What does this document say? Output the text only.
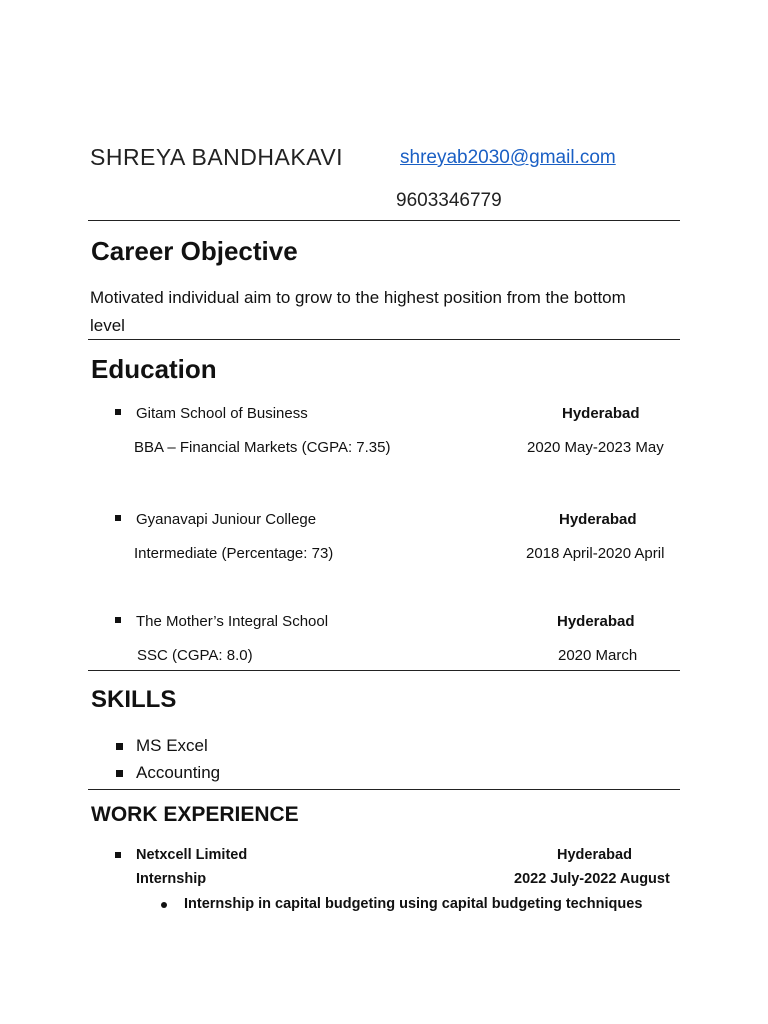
SHREYA BANDHAKAVI	shreyab2030@gmail.com
9603346779
Career Objective
Motivated individual aim to grow to the highest position from the bottom level
Education
Gitam School of Business	Hyderabad
BBA – Financial Markets (CGPA: 7.35)	2020 May-2023 May
Gyanavapi Juniour College	Hyderabad
Intermediate (Percentage: 73)	2018 April-2020 April
The Mother’s Integral School	Hyderabad
SSC (CGPA: 8.0)	2020 March
SKILLS
MS Excel
Accounting
WORK EXPERIENCE
Netxcell Limited	Hyderabad
Internship	2022 July-2022 August
Internship in capital budgeting using capital budgeting techniques
